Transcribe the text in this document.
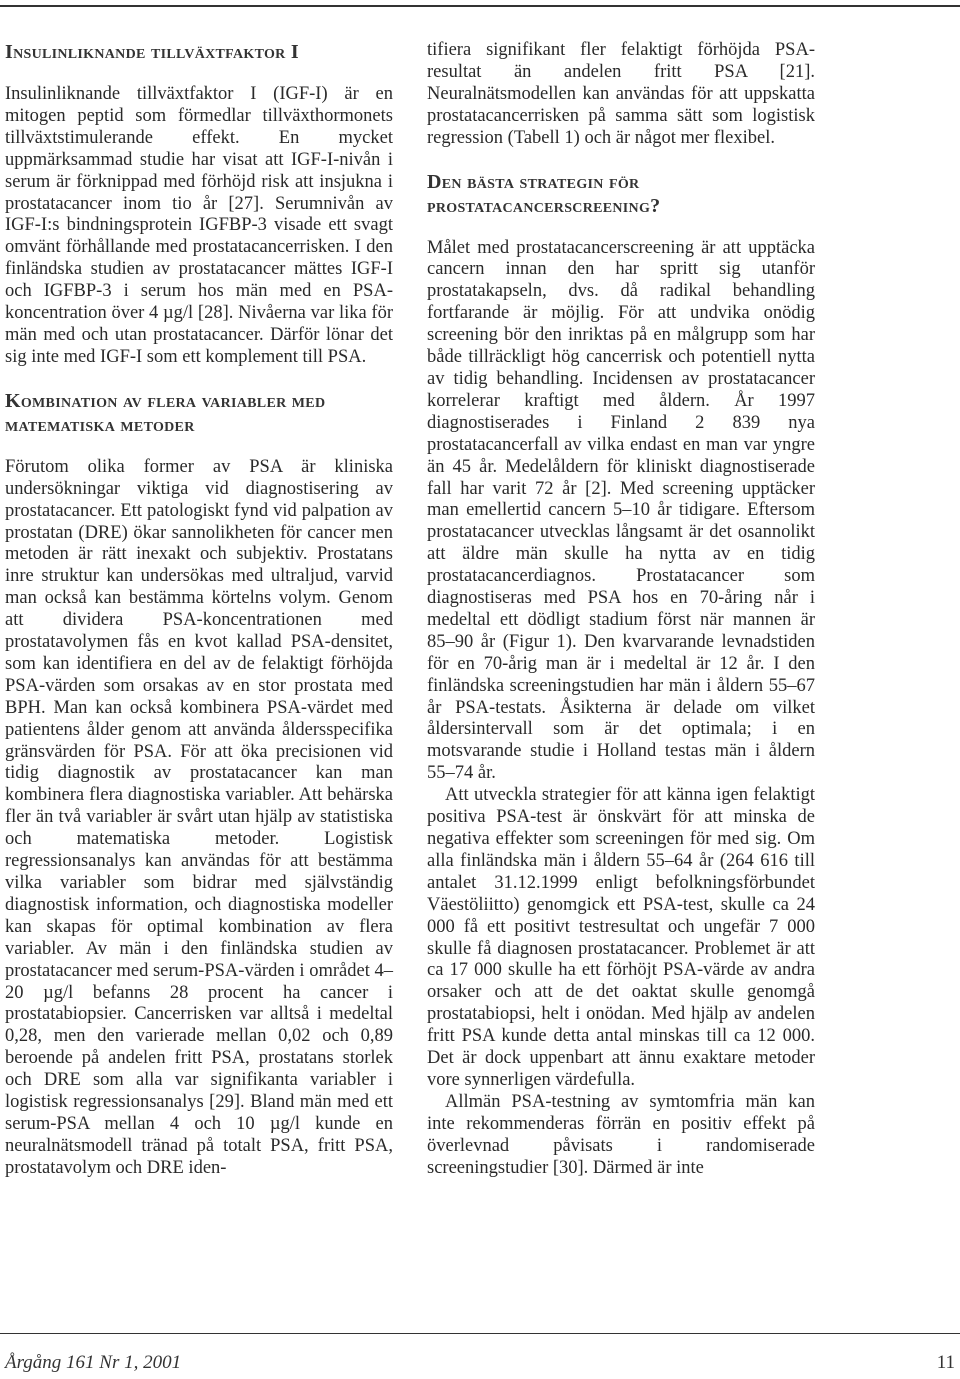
Insulinliknande tillväxtfaktor I

Insulinliknande tillväxtfaktor I (IGF-I) är en mitogen peptid som förmedlar tillväxthormonets tillväxtstimulerande effekt. En mycket uppmärksammad studie har visat att IGF-I-nivån i serum är förknippad med förhöjd risk att insjukna i prostatacancer inom tio år [27]. Serumnivån av IGF-I:s bindningsprotein IGFBP-3 visade ett svagt omvänt förhållande med prostatacancerrisken. I den finländska studien av prostatacancer mättes IGF-I och IGFBP-3 i serum hos män med en PSA-koncentration över 4 µg/l [28]. Nivåerna var lika för män med och utan prostatacancer. Därför lönar det sig inte med IGF-I som ett komplement till PSA.

Kombination av flera variabler med matematiska metoder

Förutom olika former av PSA är kliniska undersökningar viktiga vid diagnostisering av prostatacancer. Ett patologiskt fynd vid palpation av prostatan (DRE) ökar sannolikheten för cancer men metoden är rätt inexakt och subjektiv. Prostatans inre struktur kan undersökas med ultraljud, varvid man också kan bestämma körtelns volym. Genom att dividera PSA-koncentrationen med prostatavolymen fås en kvot kallad PSA-densitet, som kan identifiera en del av de felaktigt förhöjda PSA-värden som orsakas av en stor prostata med BPH. Man kan också kombinera PSA-värdet med patientens ålder genom att använda åldersspecifika gränsvärden för PSA. För att öka precisionen vid tidig diagnostik av prostatacancer kan man kombinera flera diagnostiska variabler. Att behärska fler än två variabler är svårt utan hjälp av statistiska och matematiska metoder. Logistisk regressionsanalys kan användas för att bestämma vilka variabler som bidrar med självständig diagnostisk information, och diagnostiska modeller kan skapas för optimal kombination av flera variabler. Av män i den finländska studien av prostatacancer med serum-PSA-värden i området 4–20 µg/l befanns 28 procent ha cancer i prostatabiopsier. Cancerrisken var alltså i medeltal 0,28, men den varierade mellan 0,02 och 0,89 beroende på andelen fritt PSA, prostatans storlek och DRE som alla var signifikanta variabler i logistisk regressionsanalys [29]. Bland män med ett serum-PSA mellan 4 och 10 µg/l kunde en neuralnätsmodell tränad på totalt PSA, fritt PSA, prostatavolym och DRE iden-

tifiera signifikant fler felaktigt förhöjda PSA-resultat än andelen fritt PSA [21]. Neuralnätsmodellen kan användas för att uppskatta prostatacancerrisken på samma sätt som logistisk regression (Tabell 1) och är något mer flexibel.

Den bästa strategin för prostatacancerscreening?

Målet med prostatacancerscreening är att upptäcka cancern innan den har spritt sig utanför prostatakapseln, dvs. då radikal behandling fortfarande är möjlig. För att undvika onödig screening bör den inriktas på en målgrupp som har både tillräckligt hög cancerrisk och potentiell nytta av tidig behandling. Incidensen av prostatacancer korrelerar kraftigt med åldern. År 1997 diagnostiserades i Finland 2 839 nya prostatacancerfall av vilka endast en man var yngre än 45 år. Medelåldern för kliniskt diagnostiserade fall har varit 72 år [2]. Med screening upptäcker man emellertid cancern 5–10 år tidigare. Eftersom prostatacancer utvecklas långsamt är det osannolikt att äldre män skulle ha nytta av en tidig prostatacancerdiagnos. Prostatacancer som diagnostiseras med PSA hos en 70-åring når i medeltal ett dödligt stadium först när mannen är 85–90 år (Figur 1). Den kvarvarande levnadstiden för en 70-årig man är i medeltal är 12 år. I den finländska screeningstudien har män i åldern 55–67 år PSA-testats. Åsikterna är delade om vilket åldersintervall som är det optimala; i en motsvarande studie i Holland testas män i åldern 55–74 år.

Att utveckla strategier för att känna igen felaktigt positiva PSA-test är önskvärt för att minska de negativa effekter som screeningen för med sig. Om alla finländska män i åldern 55–64 år (264 616 till antalet 31.12.1999 enligt befolkningsförbundet Väestöliitto) genomgick ett PSA-test, skulle ca 24 000 få ett positivt testresultat och ungefär 7 000 skulle få diagnosen prostatacancer. Problemet är att ca 17 000 skulle ha ett förhöjt PSA-värde av andra orsaker och att de det oaktat skulle genomgå prostatabiopsi, helt i onödan. Med hjälp av andelen fritt PSA kunde detta antal minskas till ca 12 000. Det är dock uppenbart att ännu exaktare metoder vore synnerligen värdefulla.

Allmän PSA-testning av symtomfria män kan inte rekommenderas förrän en positiv effekt på överlevnad påvisats i randomiserade screeningstudier [30]. Därmed är inte

Årgång 161 Nr 1, 2001	11
